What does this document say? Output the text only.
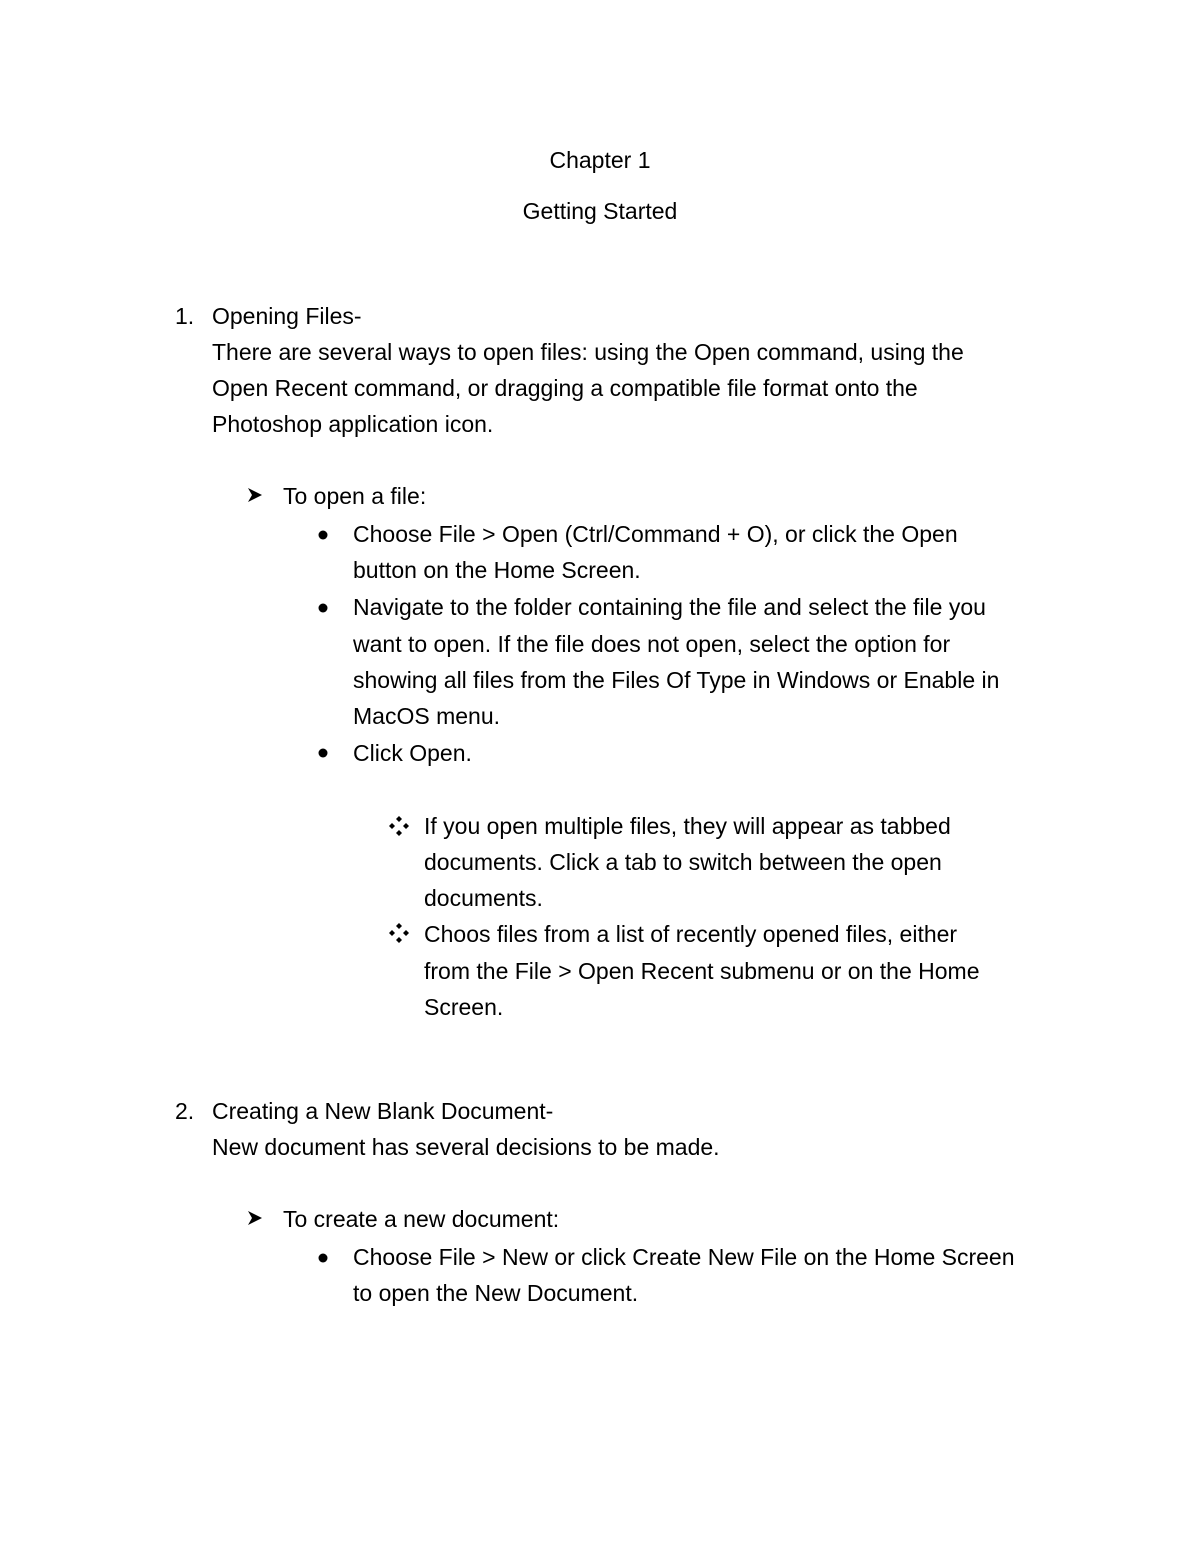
Chapter 1
Getting Started
1. Opening Files-
There are several ways to open files: using the Open command, using the
Open Recent command, or dragging a compatible file format onto the
Photoshop application icon.
To open a file:
Choose File > Open (Ctrl/Command + O), or click the Open
button on the Home Screen.
Navigate to the folder containing the file and select the file you
want to open. If the file does not open, select the option for
showing all files from the Files Of Type in Windows or Enable in
MacOS menu.
Click Open.
If you open multiple files, they will appear as tabbed
documents. Click a tab to switch between the open
documents.
Choos files from a list of recently opened files, either
from the File > Open Recent submenu or on the Home
Screen.
2. Creating a New Blank Document-
New document has several decisions to be made.
To create a new document:
Choose File > New or click Create New File on the Home Screen
to open the New Document.
